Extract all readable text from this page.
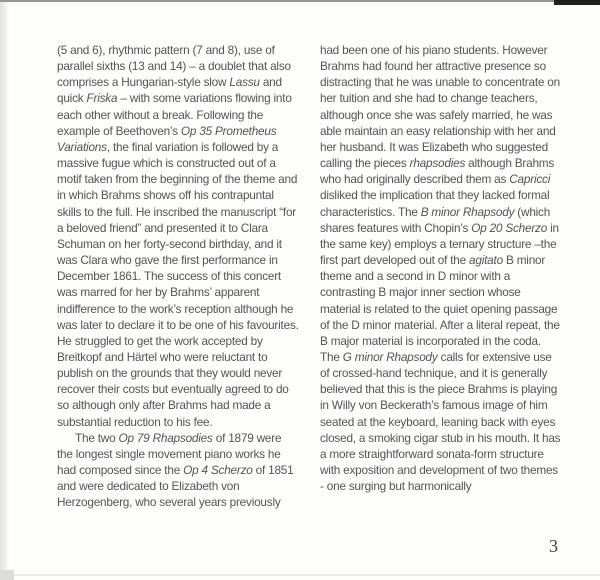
(5 and 6), rhythmic pattern (7 and 8), use of parallel sixths (13 and 14) – a doublet that also comprises a Hungarian-style slow Lassu and quick Friska – with some variations flowing into each other without a break. Following the example of Beethoven’s Op 35 Prometheus Variations, the final variation is followed by a massive fugue which is constructed out of a motif taken from the beginning of the theme and in which Brahms shows off his contrapuntal skills to the full. He inscribed the manuscript “for a beloved friend” and presented it to Clara Schuman on her forty-second birthday, and it was Clara who gave the first performance in December 1861. The success of this concert was marred for her by Brahms’ apparent indifference to the work’s reception although he was later to declare it to be one of his favourites. He struggled to get the work accepted by Breitkopf and Härtel who were reluctant to publish on the grounds that they would never recover their costs but eventually agreed to do so although only after Brahms had made a substantial reduction to his fee.

The two Op 79 Rhapsodies of 1879 were the longest single movement piano works he had composed since the Op 4 Scherzo of 1851 and were dedicated to Elizabeth von Herzogenberg, who several years previously

had been one of his piano students. However Brahms had found her attractive presence so distracting that he was unable to concentrate on her tuition and she had to change teachers, although once she was safely married, he was able maintain an easy relationship with her and her husband. It was Elizabeth who suggested calling the pieces rhapsodies although Brahms who had originally described them as Capricci disliked the implication that they lacked formal characteristics. The B minor Rhapsody (which shares features with Chopin’s Op 20 Scherzo in the same key) employs a ternary structure –the first part developed out of the agitato B minor theme and a second in D minor with a contrasting B major inner section whose material is related to the quiet opening passage of the D minor material. After a literal repeat, the B major material is incorporated in the coda. The G minor Rhapsody calls for extensive use of crossed-hand technique, and it is generally believed that this is the piece Brahms is playing in Willy von Beckerath’s famous image of him seated at the keyboard, leaning back with eyes closed, a smoking cigar stub in his mouth. It has a more straightforward sonata-form structure with exposition and development of two themes - one surging but harmonically

3
